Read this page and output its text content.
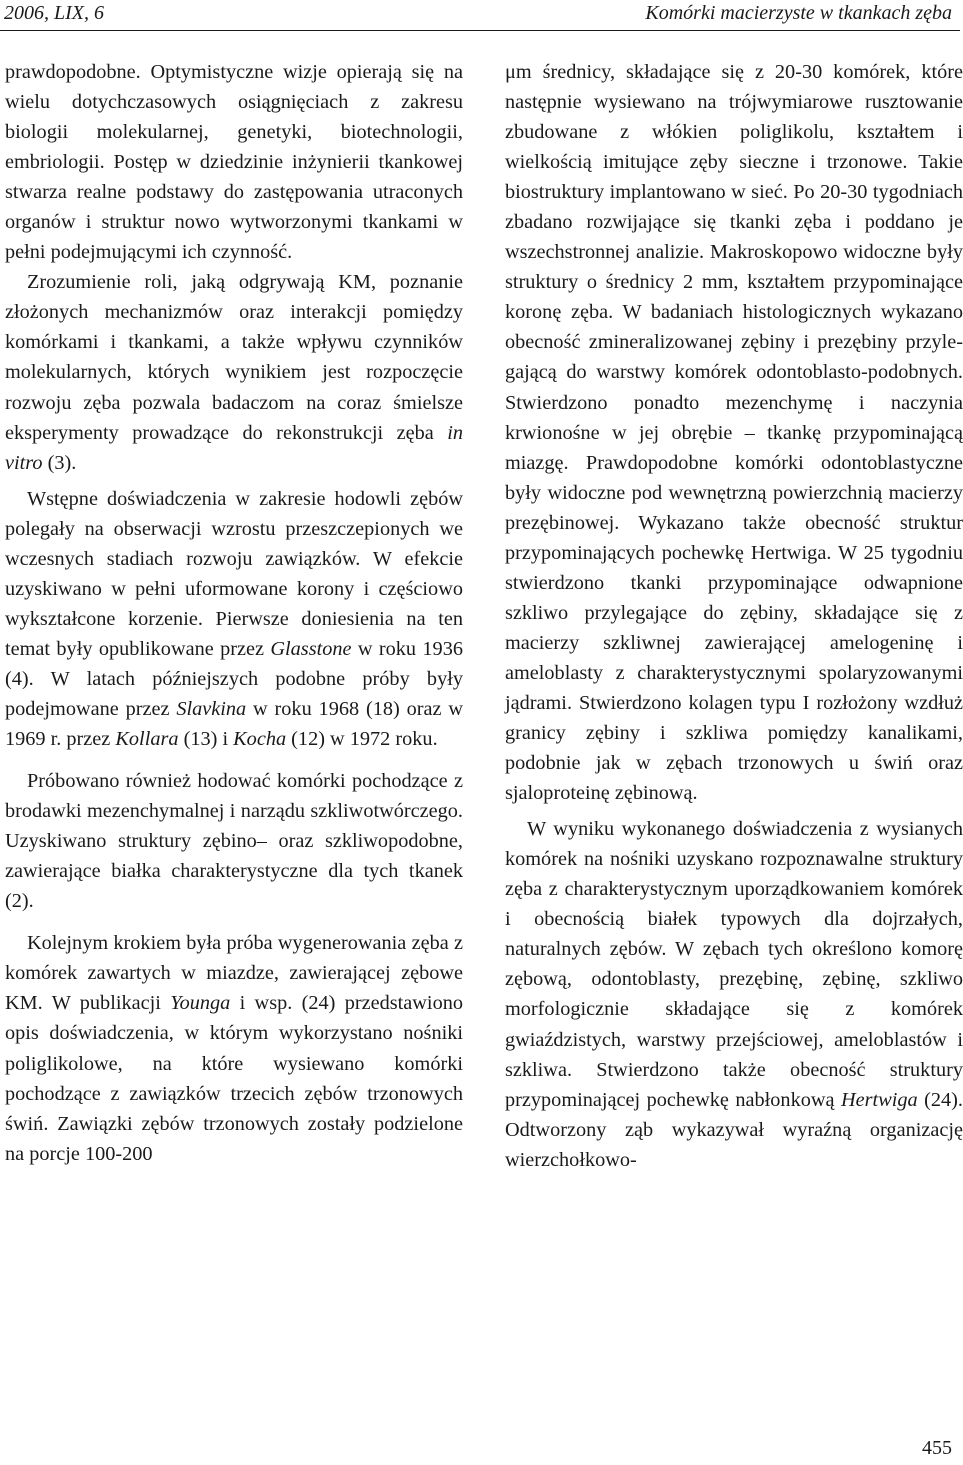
2006, LIX, 6	Komórki macierzyste w tkankach zęba

prawdopodobne. Optymistyczne wizje opierają się na wielu dotychczasowych osiągnięciach z zakresu biologii molekularnej, genetyki, biotechnologii, embriologii. Postęp w dziedzinie inżynierii tkankowej stwarza realne podstawy do zastępowania utraconych organów i struktur nowo wytworzonymi tkankami w pełni podejmującymi ich czynność.

Zrozumienie roli, jaką odgrywają KM, poznanie złożonych mechanizmów oraz interakcji pomiędzy komórkami i tkankami, a także wpływu czynników molekularnych, których wynikiem jest rozpoczęcie rozwoju zęba pozwala badaczom na coraz śmielsze eksperymenty prowadzące do rekonstrukcji zęba in vitro (3).

Wstępne doświadczenia w zakresie hodowli zębów polegały na obserwacji wzrostu przeszczepionych we wczesnych stadiach rozwoju zawiązków. W efekcie uzyskiwano w pełni uformowane korony i częściowo wykształcone korzenie. Pierwsze doniesienia na ten temat były opublikowane przez Glasstone w roku 1936 (4). W latach późniejszych podobne próby były podejmowane przez Slavkina w roku 1968 (18) oraz w 1969 r. przez Kollara (13) i Kocha (12) w 1972 roku.

Próbowano również hodować komórki pochodzące z brodawki mezenchymalnej i narządu szkliwotwórczego. Uzyskiwano struktury zębino– oraz szkliwopodobne, zawierające białka charakterystyczne dla tych tkanek (2).

Kolejnym krokiem była próba wygenerowania zęba z komórek zawartych w miazdze, zawierającej zębowe KM. W publikacji Younga i wsp. (24) przedstawiono opis doświadczenia, w którym wykorzystano nośniki poliglikolowe, na które wysiewano komórki pochodzące z zawiązków trzecich zębów trzonowych świń. Zawiązki zębów trzonowych zostały podzielone na porcje 100-200

μm średnicy, składające się z 20-30 komórek, które następnie wysiewano na trójwymiarowe rusztowanie zbudowane z włókien poliglikolu, kształtem i wielkością imitujące zęby sieczne i trzonowe. Takie biostruktury implantowano w sieć. Po 20-30 tygodniach zbadano rozwijające się tkanki zęba i poddano je wszechstronnej analizie. Makroskopowo widoczne były struktury o średnicy 2 mm, kształtem przypominające koronę zęba. W badaniach histologicznych wykazano obecność zmineralizowanej zębiny i prezębiny przylegającą do warstwy komórek odontoblasto-podobnych. Stwierdzono ponadto mezenchymę i naczynia krwionośne w jej obrębie – tkankę przypominającą miazgę. Prawdopodobne komórki odontoblastyczne były widoczne pod wewnętrzną powierzchnią macierzy prezębinowej. Wykazano także obecność struktur przypominających pochewkę Hertwiga. W 25 tygodniu stwierdzono tkanki przypominające odwapnione szkliwo przylegające do zębiny, składające się z macierzy szkliwnej zawierającej amelogeninę i ameloblasty z charakterystycznymi spolaryzowanymi jądrami. Stwierdzono kolagen typu I rozłożony wzdłuż granicy zębiny i szkliwa pomiędzy kanalikami, podobnie jak w zębach trzonowych u świń oraz sjaloproteinę zębinową.

W wyniku wykonanego doświadczenia z wysianych komórek na nośniki uzyskano rozpoznawalne struktury zęba z charakterystycznym uporządkowaniem komórek i obecnością białek typowych dla dojrzałych, naturalnych zębów. W zębach tych określono komorę zębową, odontoblasty, prezębinę, zębinę, szkliwo morfologicznie składające się z komórek gwiaździstych, warstwy przejściowej, ameloblastów i szkliwa. Stwierdzono także obecność struktury przypominającej pochewkę nabłonkową Hertwiga (24). Odtworzony ząb wykazywał wyraźną organizację wierzchołkowo-

455
